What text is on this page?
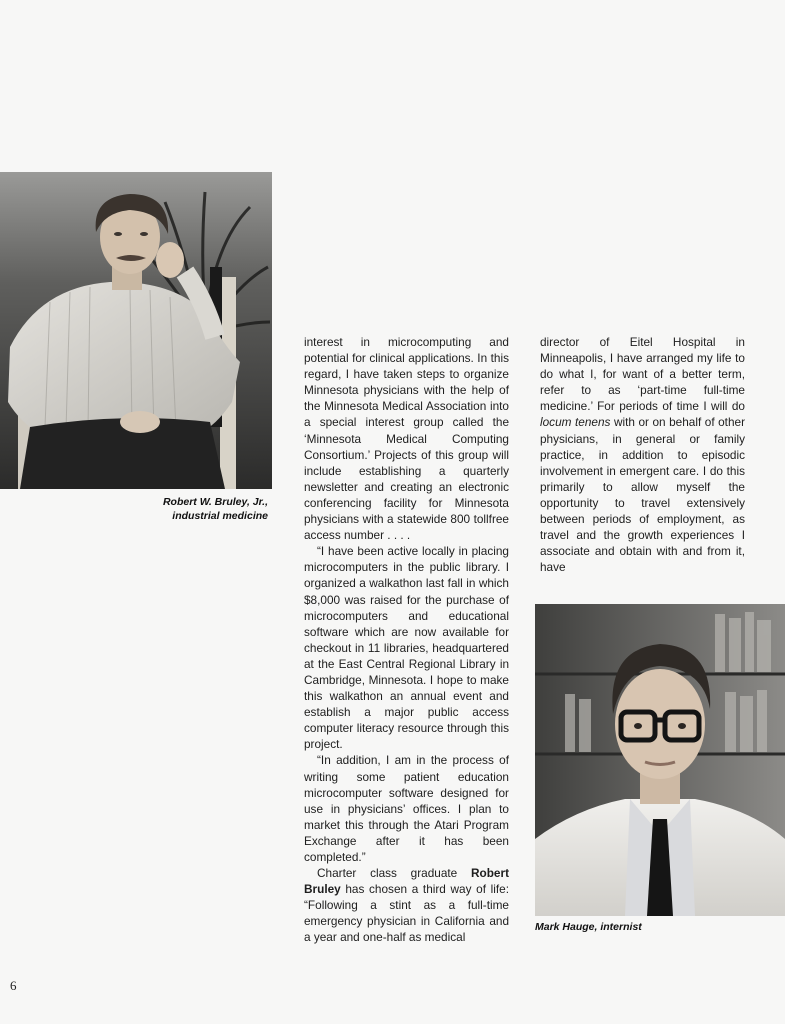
Robert W. Bruley, Jr.,
industrial medicine

interest in microcomputing and potential for clinical applications. In this regard, I have taken steps to organize Minnesota physicians with the help of the Minnesota Medical Association into a special interest group called the ‘Minnesota Medical Computing Consortium.’ Projects of this group will include establishing a quarterly newsletter and creating an electronic conferencing facility for Minnesota physicians with a statewide 800 tollfree access number . . . .

“I have been active locally in placing microcomputers in the public library. I organized a walkathon last fall in which $8,000 was raised for the purchase of microcomputers and educational software which are now available for checkout in 11 libraries, headquartered at the East Central Regional Library in Cambridge, Minnesota. I hope to make this walkathon an annual event and establish a major public access computer literacy resource through this project.

“In addition, I am in the process of writing some patient education microcomputer software designed for use in physicians’ offices. I plan to market this through the Atari Program Exchange after it has been completed.”

Charter class graduate Robert Bruley has chosen a third way of life: “Following a stint as a full-time emergency physician in California and a year and one-half as medical

director of Eitel Hospital in Minneapolis, I have arranged my life to do what I, for want of a better term, refer to as ‘part-time full-time medicine.’ For periods of time I will do locum tenens with or on behalf of other physicians, in general or family practice, in addition to episodic involvement in emergent care. I do this primarily to allow myself the opportunity to travel extensively between periods of employment, as travel and the growth experiences I associate and obtain with and from it, have

Mark Hauge, internist
6
